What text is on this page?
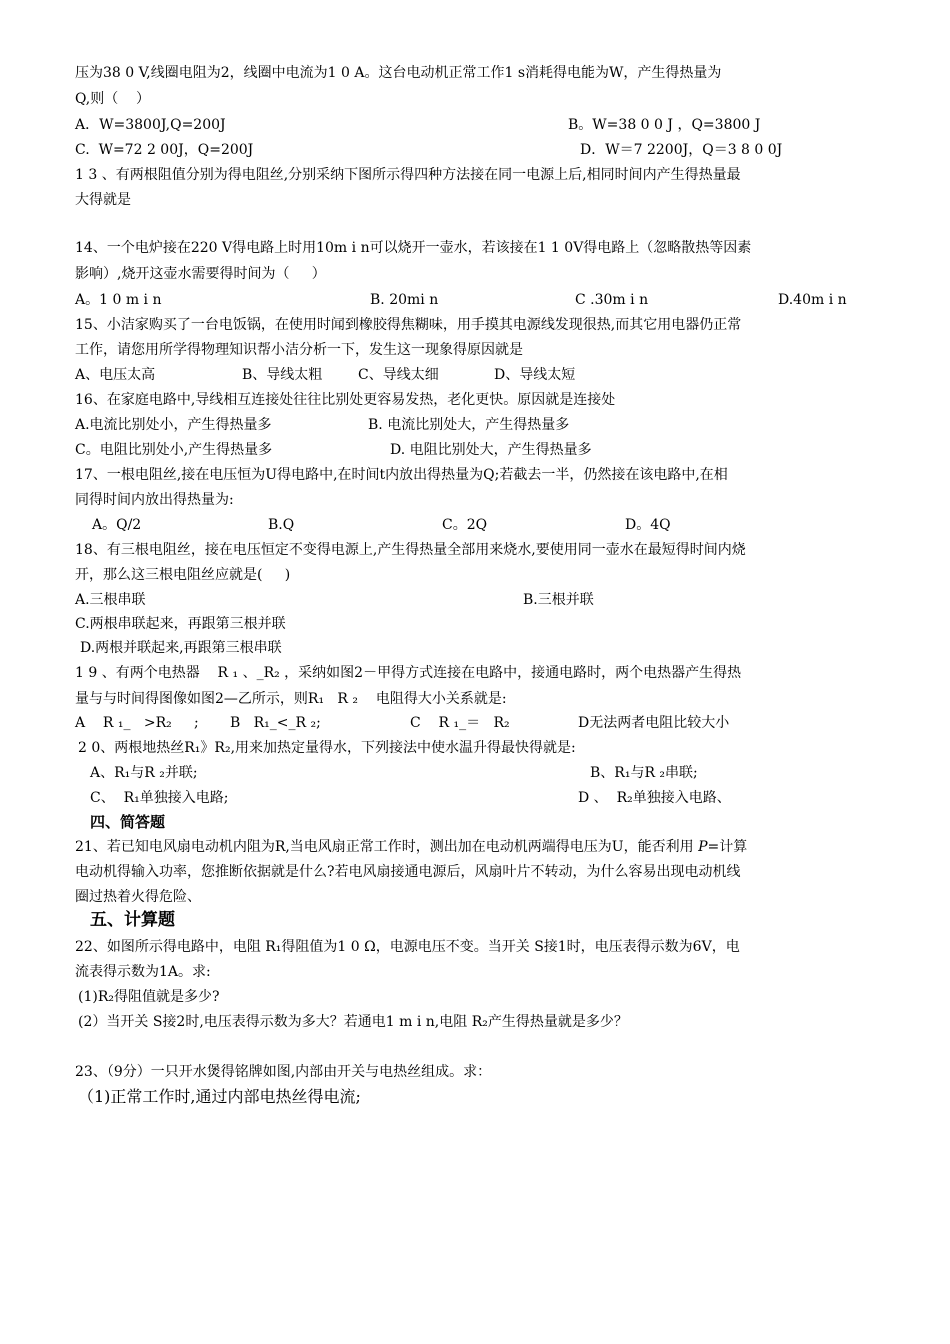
压为38 0 V,线圈电阻为2，线圈中电流为1 0 A。这台电动机正常工作1 s消耗得电能为W，产生得热量为
Q,则（    ）
A．W=3800J,Q=200J	B。W=38 0 0 J ，Q=3800 J
C.  W=72 2 00J，Q=200J	D．W＝7 2200J，Q＝3 8 0 0J
1 3 、有两根阻值分别为得电阻丝,分别采纳下图所示得四种方法接在同一电源上后,相同时间内产生得热量最
大得就是
14、一个电炉接在220 V得电路上时用10m i n可以烧开一壶水，若该接在1 1 0V得电路上（忽略散热等因素
影响）,烧开这壶水需要得时间为（     ）
A。1 0 m i n	B. 20mi n	C .30m i n	D.40m i n
15、小洁家购买了一台电饭锅，在使用时闻到橡胶得焦糊味，用手摸其电源线发现很热,而其它用电器仍正常
工作，请您用所学得物理知识帮小洁分析一下，发生这一现象得原因就是
A、电压太高	B、导线太粗	C、导线太细	D、导线太短
16、在家庭电路中,导线相互连接处往往比别处更容易发热，老化更快。原因就是连接处
A.电流比别处小，产生得热量多	B. 电流比别处大，产生得热量多
C。电阻比别处小,产生得热量多	D. 电阻比别处大，产生得热量多
17、一根电阻丝,接在电压恒为U得电路中,在时间t内放出得热量为Q;若截去一半，仍然接在该电路中,在相
同得时间内放出得热量为:
A。Q/2	B.Q	C。2Q	D。4Q
18、有三根电阻丝，接在电压恒定不变得电源上,产生得热量全部用来烧水,要使用同一壶水在最短得时间内烧
开，那么这三根电阻丝应就是(     )
A.三根串联	B.三根并联
C.两根串联起来，再跟第三根并联
D.两根并联起来,再跟第三根串联
1 9 、有两个电热器    R ₁ 、_R₂ ，采纳如图2－甲得方式连接在电路中，接通电路时，两个电热器产生得热
量与与时间得图像如图2—乙所示，则R₁   R ₂    电阻得大小关系就是:
A    R ₁_   >R₂     ; B   R₁_<_R ₂;	C    R ₁_＝   R₂	D无法两者电阻比较大小
2 0、两根地热丝R₁》R₂,用来加热定量得水，下列接法中使水温升得最快得就是:
A、R₁与R ₂并联;	B、R₁与R ₂串联;
C、  R₁单独接入电路;	D 、  R₂单独接入电路、
四、简答题
21、若已知电风扇电动机内阻为R,当电风扇正常工作时，测出加在电动机两端得电压为U，能否利用 P=计算
电动机得输入功率，您推断依据就是什么?若电风扇接通电源后，风扇叶片不转动，为什么容易出现电动机线
圈过热着火得危险、
五、计算题
22、如图所示得电路中，电阻 R₁得阻值为1 0 Ω，电源电压不变。当开关 S接1时，电压表得示数为6V，电
流表得示数为1A。求:
(1)R₂得阻值就是多少?
(2）当开关 S接2时,电压表得示数为多大？若通电1 m i n,电阻 R₂产生得热量就是多少？
23、（9分）一只开水煲得铭牌如图,内部由开关与电热丝组成。求：
（1)正常工作时,通过内部电热丝得电流;
